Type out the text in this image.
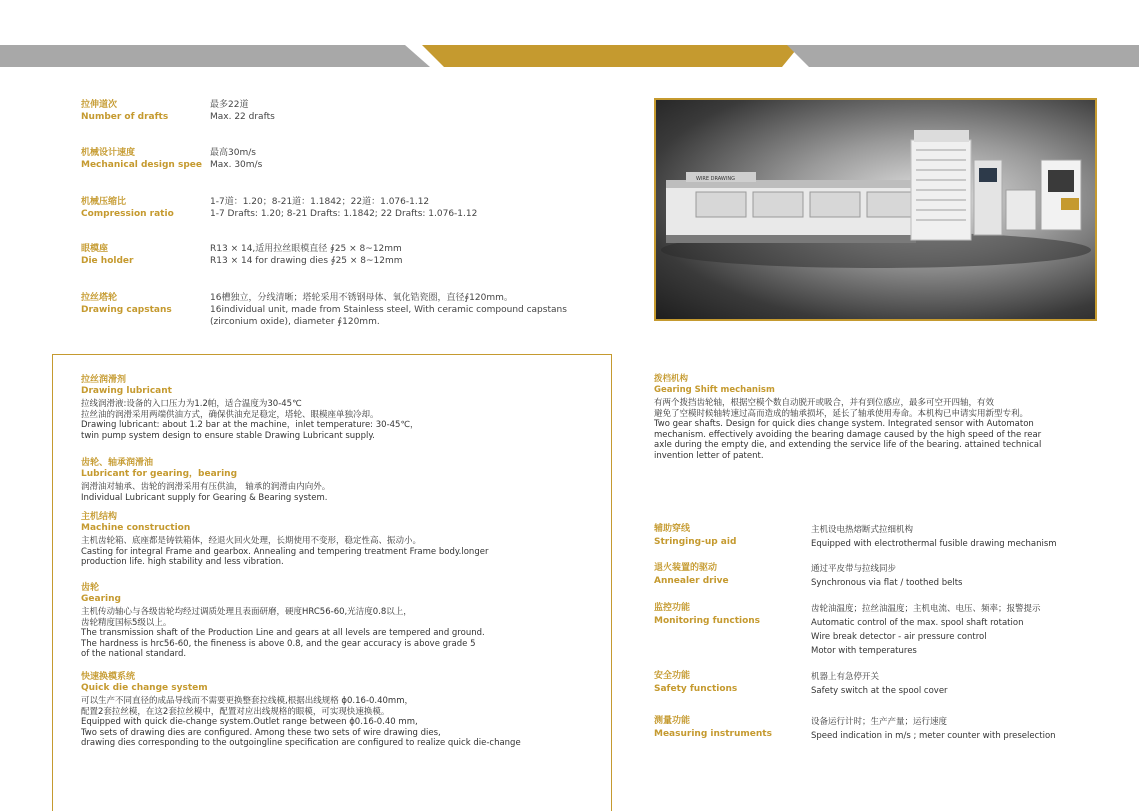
拉伸道次
Number of drafts
最多22道
Max. 22 drafts
机械设计速度
Mechanical design spee
最高30m/s
Max. 30m/s
机械压缩比
Compression ratio
1-7道：1.20；8-21道：1.1842；22道：1.076-1.12
1-7 Drafts: 1.20; 8-21 Drafts: 1.1842; 22 Drafts: 1.076-1.12
眼模座
Die holder
R13 × 14,适用拉丝眼模直径 ∮25 × 8~12mm
R13 × 14 for drawing dies ∮25 × 8~12mm
拉丝塔轮
Drawing capstans
16槽独立，分线清晰；塔轮采用不锈钢母体、氧化锆瓷圈，直径∮120mm。
16individual unit, made from Stainless steel, With ceramic compound capstans
(zirconium oxide), diameter ∮120mm.
WIRE DRAWING
拉丝润滑剂
Drawing lubricant
拉线润滑液:设备的入口压力为1.2帕，适合温度为30-45℃
拉丝油的润滑采用两端供油方式，确保供油充足稳定，塔轮、眼模座单独冷却。
Drawing lubricant: about 1.2 bar at the machine，inlet temperature: 30-45℃，
twin pump system design to ensure stable Drawing Lubricant supply.
齿轮、轴承润滑油
Lubricant for gearing，bearing
润滑油对轴承、齿轮的润滑采用有压供油， 轴承的润滑由内向外。
Individual Lubricant supply for Gearing & Bearing system.
主机结构
Machine construction
主机齿轮箱、底座都是铸铁箱体，经退火回火处理，长期使用不变形，稳定性高、振动小。
Casting for integral Frame and gearbox. Annealing and tempering treatment Frame body.longer
production life. high stability and less vibration.
齿轮
Gearing
主机传动轴心与各级齿轮均经过调质处理且表面研磨，硬度HRC56-60,光洁度0.8以上，
齿轮精度国标5级以上。
The transmission shaft of the Production Line and gears at all levels are tempered and ground.
The hardness is hrc56-60, the fineness is above 0.8, and the gear accuracy is above grade 5
of the national standard.
快速换模系统
Quick die change system
可以生产不同直径的成品导线而不需要更换整套拉线模,根据出线规格 ϕ0.16-0.40mm，
配置2套拉丝模，在这2套拉丝模中，配置对应出线规格的眼模，可实现快速换模。
Equipped with quick die-change system.Outlet range between ϕ0.16-0.40 mm,
Two sets of drawing dies are configured. Among these two sets of wire drawing dies,
drawing dies corresponding to the outgoingline specification are configured to realize quick die-change
拨档机构
Gearing Shift mechanism
有两个拨挡齿轮轴，根据空模个数自动脱开或吸合，并有到位感应，最多可空开四轴，有效
避免了空模时候轴转速过高而造成的轴承损坏，延长了轴承使用寿命。本机构已申请实用新型专利。
Two gear shafts. Design for quick dies change system. Integrated sensor with Automaton
mechanism. effectively avoiding the bearing damage caused by the high speed of the rear
axle during the empty die, and extending the service life of the bearing. attained technical
invention letter of patent.
辅助穿线
Stringing-up aid
主机设电热熔断式拉细机构
Equipped with electrothermal fusible drawing mechanism
退火装置的驱动
Annealer drive
通过平皮带与拉线同步
Synchronous via flat / toothed belts
监控功能
Monitoring functions
齿轮油温度；拉丝油温度；主机电流、电压、频率；报警提示
Automatic control of the max. spool shaft rotation
Wire break detector - air pressure control
Motor with temperatures
安全功能
Safety functions
机器上有急停开关
Safety switch at the spool cover
测量功能
Measuring instruments
设备运行计时；生产产量；运行速度
Speed indication in m/s ; meter counter with preselection
